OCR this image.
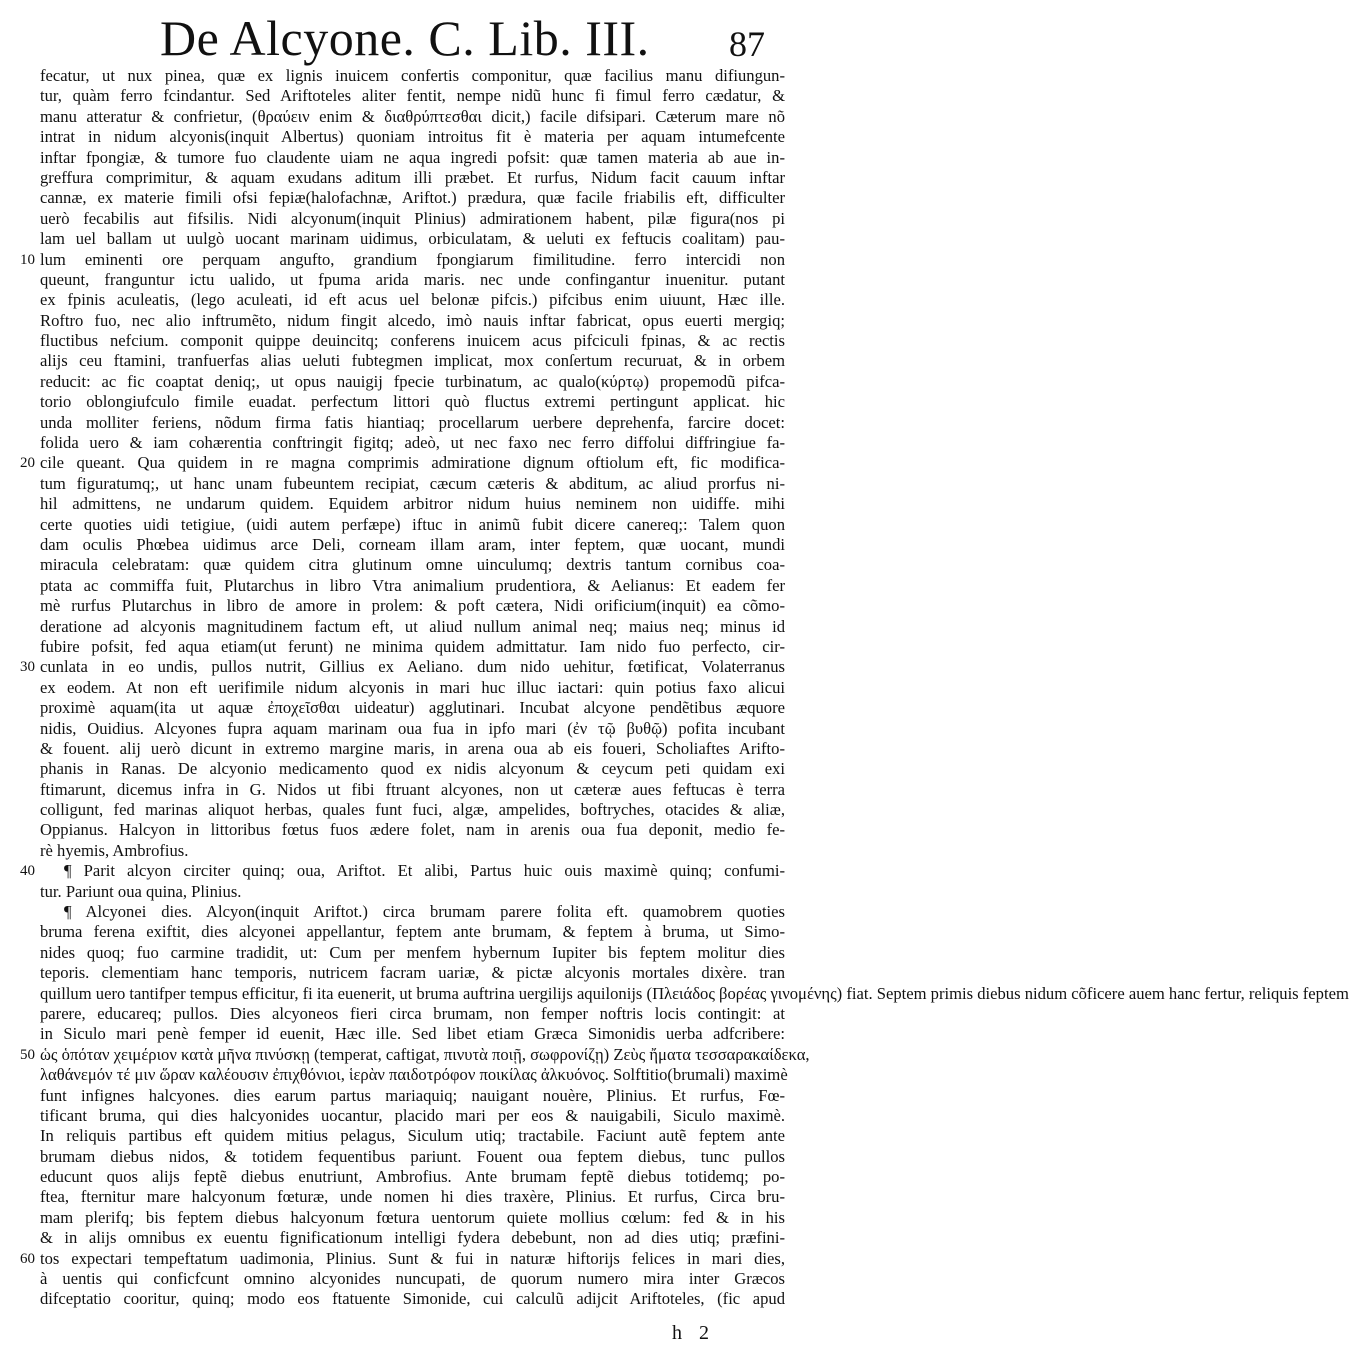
De Alcyone. C. Lib. III. 87
fecatur, ut nux pinea, quæ ex lignis inuicem confertis componitur, quæ facilius manu difiungun-
tur, quàm ferro fcindantur. Sed Ariftoteles aliter fentit, nempe nidũ hunc fi fimul ferro cædatur, &
manu atteratur & confrietur, (θραύειν enim & διαθρύπτεσθαι dicit,) facile difsipari. Cæterum mare nõ
intrat in nidum alcyonis(inquit Albertus) quoniam introitus fit è materia per aquam intumefcente
inftar fpongiæ, & tumore fuo claudente uiam ne aqua ingredi pofsit: quæ tamen materia ab aue in-
greffura comprimitur, & aquam exudans aditum illi præbet. Et rurfus, Nidum facit cauum inftar
cannæ, ex materie fimili ofsi fepiæ(halofachnæ, Ariftot.) prædura, quæ facile friabilis eft, difficulter
uerò fecabilis aut fifsilis. Nidi alcyonum(inquit Plinius) admirationem habent, pilæ figura(nos pi
lam uel ballam ut uulgò uocant marinam uidimus, orbiculatam, & ueluti ex feftucis coalitam) pau-
10 lum eminenti ore perquam angufto, grandium fpongiarum fimilitudine. ferro intercidi non
queunt, franguntur ictu ualido, ut fpuma arida maris. nec unde confingantur inuenitur. putant
ex fpinis aculeatis, (lego aculeati, id eft acus uel belonæ pifcis.) pifcibus enim uiuunt, Hæc ille.
Roftro fuo, nec alio inftrumẽto, nidum fingit alcedo, imò nauis inftar fabricat, opus euerti mergiq;
fluctibus nefcium. componit quippe deuincitq; conferens inuicem acus pifciculi fpinas, & ac rectis
alijs ceu ftamini, tranfuerfas alias ueluti fubtegmen implicat, mox conſertum recuruat, & in orbem
reducit: ac fic coaptat deniq;, ut opus nauigij fpecie turbinatum, ac qualo(κύρτῳ) propemodũ pifca-
torio oblongiufculo fimile euadat. perfectum littori quò fluctus extremi pertingunt applicat. hic
unda molliter feriens, nõdum firma fatis hiantiaq; procellarum uerbere deprehenfa, farcire docet:
folida uero & iam cohærentia conftringit figitq; adeò, ut nec faxo nec ferro diffolui diffringiue fa-
20 cile queant. Qua quidem in re magna comprimis admiratione dignum oftiolum eft, fic modifica-
tum figuratumq;, ut hanc unam fubeuntem recipiat, cæcum cæteris & abditum, ac aliud prorfus ni-
hil admittens, ne undarum quidem. Equidem arbitror nidum huius neminem non uidiffe. mihi
certe quoties uidi tetigiue, (uidi autem perfæpe) iftuc in animũ fubit dicere canereq;: Talem quon
dam oculis Phœbea uidimus arce Deli, corneam illam aram, inter feptem, quæ uocant, mundi
miracula celebratam: quæ quidem citra glutinum omne uinculumq; dextris tantum cornibus coa-
ptata ac commiffa fuit, Plutarchus in libro Vtra animalium prudentiora, & Aelianus: Et eadem fer
mè rurfus Plutarchus in libro de amore in prolem: & poft cætera, Nidi orificium(inquit) ea cõmo-
deratione ad alcyonis magnitudinem factum eft, ut aliud nullum animal neq; maius neq; minus id
fubire pofsit, fed aqua etiam(ut ferunt) ne minima quidem admittatur. Iam nido fuo perfecto, cir-
30 cunlata in eo undis, pullos nutrit, Gillius ex Aeliano. dum nido uehitur, fœtificat, Volaterranus
ex eodem. At non eft uerifimile nidum alcyonis in mari huc illuc iactari: quin potius faxo alicui
proximè aquam(ita ut aquæ ἐποχεῖσθαι uideatur) agglutinari. Incubat alcyone pendẽtibus æquore
nidis, Ouidius. Alcyones fupra aquam marinam oua fua in ipfo mari (ἐν τῷ βυθῷ) pofita incubant
& fouent. alij uerò dicunt in extremo margine maris, in arena oua ab eis foueri, Scholiaftes Arifto-
phanis in Ranas. De alcyonio medicamento quod ex nidis alcyonum & ceycum peti quidam exi
ftimarunt, dicemus infra in G. Nidos ut fibi ftruant alcyones, non ut cæteræ aues feftucas è terra
colligunt, fed marinas aliquot herbas, quales funt fuci, algæ, ampelides, boftryches, otacides & aliæ,
Oppianus. Halcyon in littoribus fœtus fuos ædere folet, nam in arenis oua fua deponit, medio fe-
rè hyemis, Ambrofius.
40	¶ Parit alcyon circiter quinq; oua, Ariftot. Et alibi, Partus huic ouis maximè quinq; confumi-
tur. Pariunt oua quina, Plinius.
¶ Alcyonei dies. Alcyon(inquit Ariftot.) circa brumam parere folita eft. quamobrem quoties
bruma ferena exiftit, dies alcyonei appellantur, feptem ante brumam, & feptem à bruma, ut Simo-
nides quoq; fuo carmine tradidit, ut: Cum per menfem hybernum Iupiter bis feptem molitur dies
teporis. clementiam hanc temporis, nutricem facram uariæ, & pictæ alcyonis mortales dixère. tran
quillum uero tantifper tempus efficitur, fi ita euenerit, ut bruma auftrina uergilijs aquilonijs (Πλειάδος βορέας γινομένης) fiat. Septem primis diebus nidum cõficere auem hanc fertur, reliquis feptem
parere, educareq; pullos. Dies alcyoneos fieri circa brumam, non femper noftris locis contingit: at
in Siculo mari penè femper id euenit, Hæc ille. Sed libet etiam Græca Simonidis uerba adfcribere:
50 ὡς ὁπόταν χειμέριον κατὰ μῆνα πινύσκῃ (temperat, caftigat, πινυτὰ ποιῇ, σωφρονίζῃ) Ζεὺς ἤματα τεσσαρακαίδεκα,
λαθάνεμόν τέ μιν ὥραν καλέουσιν ἐπιχθόνιοι, ἱερὰν παιδοτρόφον ποικίλας ἀλκυόνος. Solftitio(brumali) maximè
funt infignes halcyones. dies earum partus mariaquiq; nauigant nouère, Plinius. Et rurfus, Fœ-
tificant bruma, qui dies halcyonides uocantur, placido mari per eos & nauigabili, Siculo maximè.
In reliquis partibus eft quidem mitius pelagus, Siculum utiq; tractabile. Faciunt autẽ feptem ante
brumam diebus nidos, & totidem fequentibus pariunt. Fouent oua feptem diebus, tunc pullos
educunt quos alijs feptẽ diebus enutriunt, Ambrofius. Ante brumam feptẽ diebus totidemq; po-
ftea, fternitur mare halcyonum fœturæ, unde nomen hi dies traxère, Plinius. Et rurfus, Circa bru-
mam plerifq; bis feptem diebus halcyonum fœtura uentorum quiete mollius cœlum: fed & in his
& in alijs omnibus ex euentu fignificationum intelligi fydera debebunt, non ad dies utiq; præfini-
60 tos expectari tempeftatum uadimonia, Plinius. Sunt & fui in naturæ hiftorijs felices in mari dies,
à uentis qui conficfcunt omnino alcyonides nuncupati, de quorum numero mira inter Græcos
difceptatio cooritur, quinq; modo eos ftatuente Simonide, cui calculũ adijcit Ariftoteles, (fic apud
h 2
